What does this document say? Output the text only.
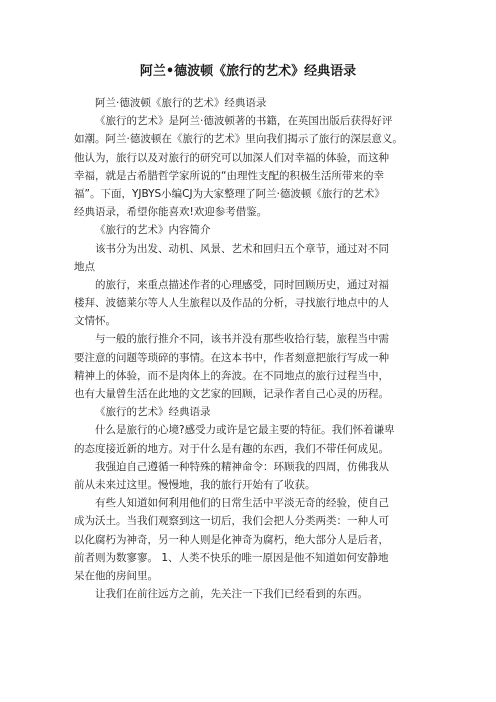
阿兰•德波顿《旅行的艺术》经典语录
阿兰·德波顿《旅行的艺术》经典语录
《旅行的艺术》是阿兰·德波顿著的书籍，在英国出版后获得好评
如潮。阿兰·德波顿在《旅行的艺术》里向我们揭示了旅行的深层意义。
他认为，旅行以及对旅行的研究可以加深人们对幸福的体验，而这种
幸福，就是古希腊哲学家所说的“由理性支配的积极生活所带来的幸
福”。下面，YJBYS小编CJ为大家整理了阿兰·德波顿《旅行的艺术》
经典语录，希望你能喜欢!欢迎参考借鉴。
《旅行的艺术》内容简介
该书分为出发、动机、风景、艺术和回归五个章节，通过对不同
地点
的旅行，来重点描述作者的心理感受，同时回顾历史，通过对福
楼拜、波德莱尔等人人生旅程以及作品的分析，寻找旅行地点中的人
文情怀。
与一般的旅行推介不同，该书并没有那些收拾行装，旅程当中需
要注意的问题等琐碎的事情。在这本书中，作者刻意把旅行写成一种
精神上的体验，而不是肉体上的奔波。在不同地点的旅行过程当中，
也有大量曾生活在此地的文艺家的回顾，记录作者自己心灵的历程。
《旅行的艺术》经典语录
什么是旅行的心境?感受力或许是它最主要的特征。我们怀着谦卑
的态度接近新的地方。对于什么是有趣的东西，我们不带任何成见。
我强迫自己遵循一种特殊的精神命令：环顾我的四周，仿佛我从
前从未来过这里。慢慢地，我的旅行开始有了收获。
有些人知道如何利用他们的日常生活中平淡无奇的经验，使自己
成为沃土。当我们观察到这一切后，我们会把人分类两类：一种人可
以化腐朽为神奇，另一种人则是化神奇为腐朽，绝大部分人是后者，
前者则为数寥寥。 1、人类不快乐的唯一原因是他不知道如何安静地
呆在他的房间里。
让我们在前往远方之前，先关注一下我们已经看到的东西。
